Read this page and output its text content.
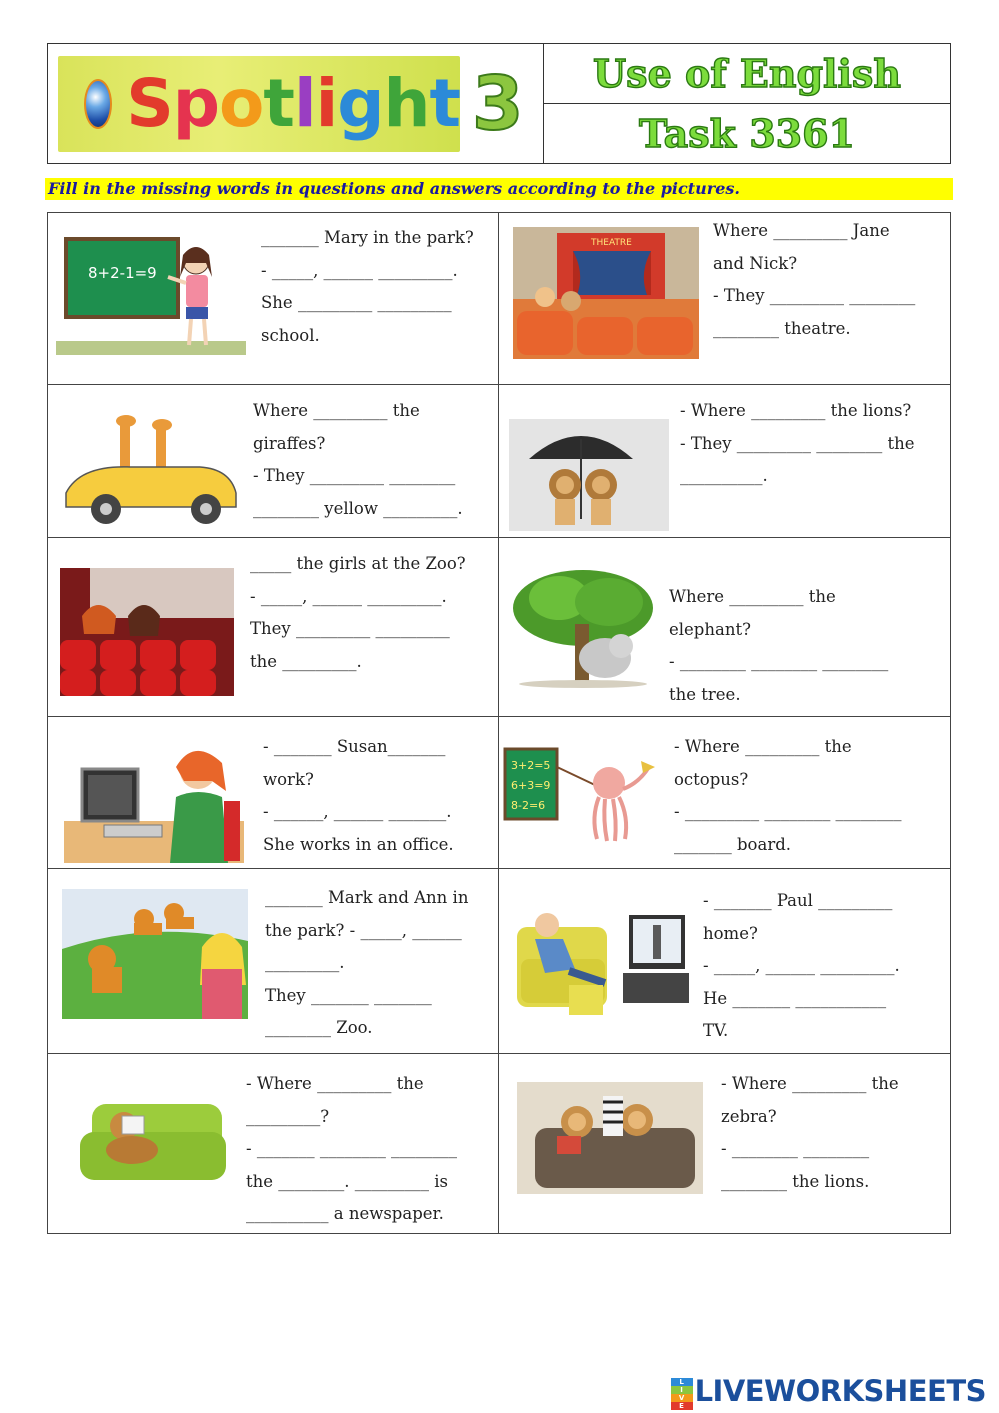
Spotlight 3	Use of English
Task 3361
Fill in the missing words in questions and answers according to the pictures.
8+2-1=9

_______ Mary in the park?

- _____, ______ _________.

She _________ _________

school.

THEATRE

Where _________ Jane

and Nick?

- They _________ ________

________ theatre.

Where _________ the

giraffes?

- They _________ ________

________ yellow _________.

- Where _________ the lions?

- They _________ ________ the

__________.

_____ the girls at the Zoo?

- _____, ______ _________.

They _________ _________

the _________.

Where _________ the

elephant?

- ________ ________ ________

the tree.

- _______ Susan_______

work?

- ______, ______ _______.

She works in an office.

3+2=5
6+3=9
8-2=6

- Where _________ the

octopus?

- _________ ________ ________

_______ board.

_______ Mark and Ann in

the park? - _____, ______

_________.

They _______ _______

________ Zoo.

- _______ Paul _________

home?

- _____, ______ _________.

He _______ ___________

TV.

- Where _________ the

_________?

- _______ ________ ________

the ________. _________ is

__________ a newspaper.

- Where _________ the

zebra?

- ________ ________

________ the lions.

L
I
V
E LIVEWORKSHEETS
